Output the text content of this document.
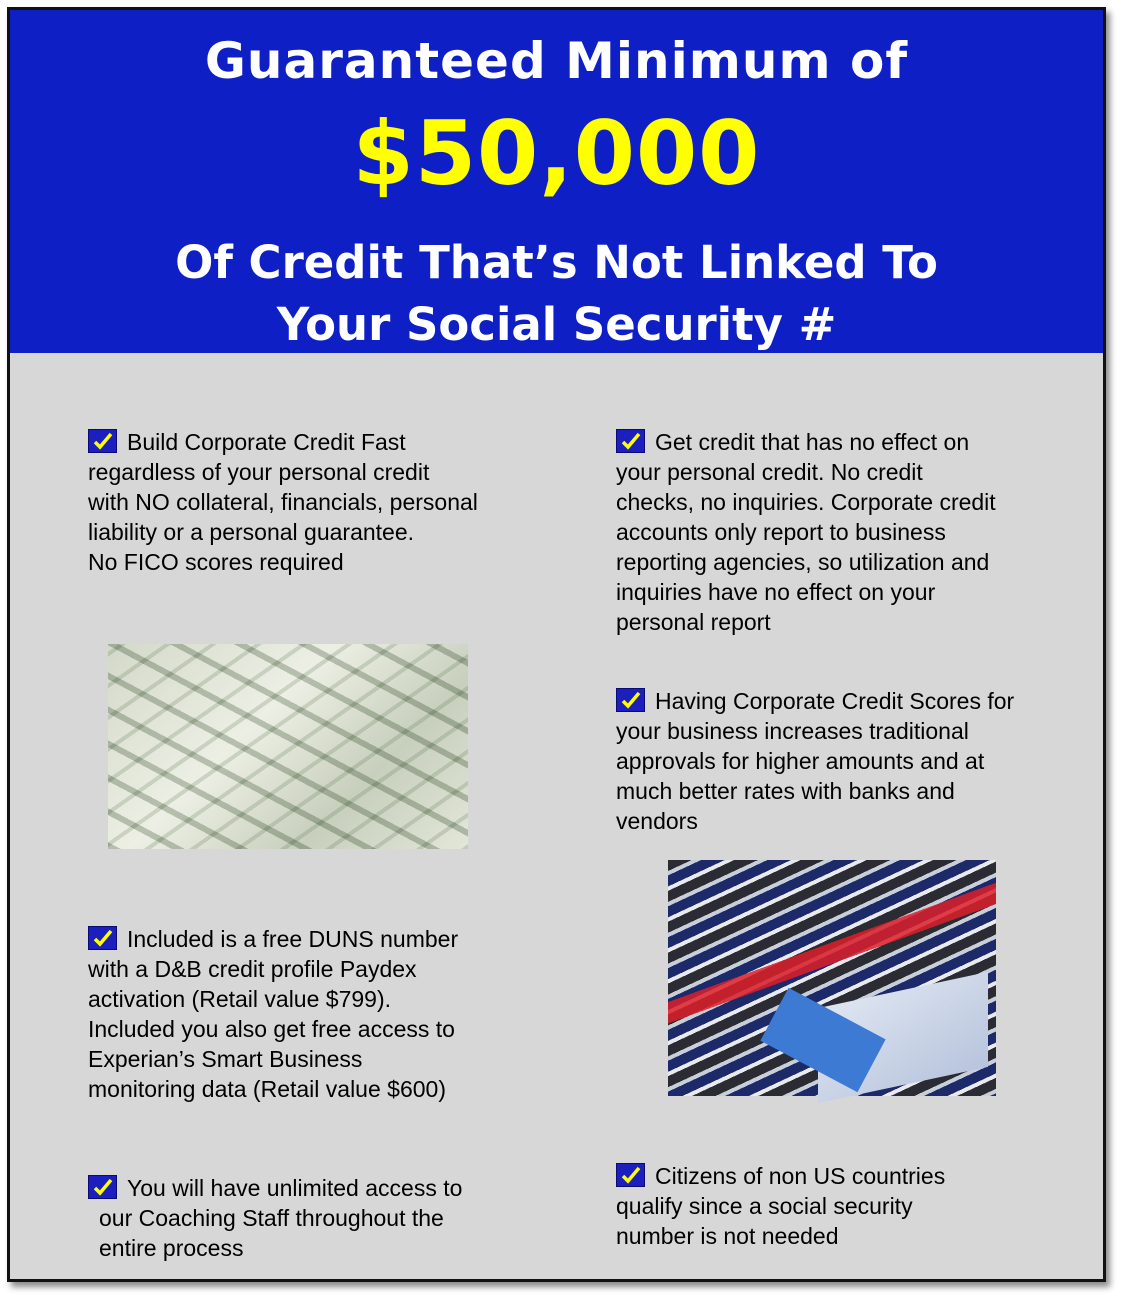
Guaranteed Minimum of
$50,000
Of Credit That’s Not Linked To
Your Social Security #
Build Corporate Credit Fast
regardless of your personal credit
with NO collateral, financials, personal
liability or a personal guarantee.
No FICO scores required
Get credit that has no effect on
your personal credit. No credit
checks, no inquiries. Corporate credit
accounts only report to business
reporting agencies, so utilization and
inquiries have no effect on your
personal report
Having Corporate Credit Scores for
your business increases traditional
approvals for higher amounts and at
much better rates with banks and
vendors
Included is a free DUNS number
with a D&B credit profile Paydex
activation (Retail value $799).
Included you also get free access to
Experian’s Smart Business
monitoring data (Retail value $600)
You will have unlimited access to
our Coaching Staff throughout the
entire process
Citizens of non US countries
qualify since a social security
number is not needed
